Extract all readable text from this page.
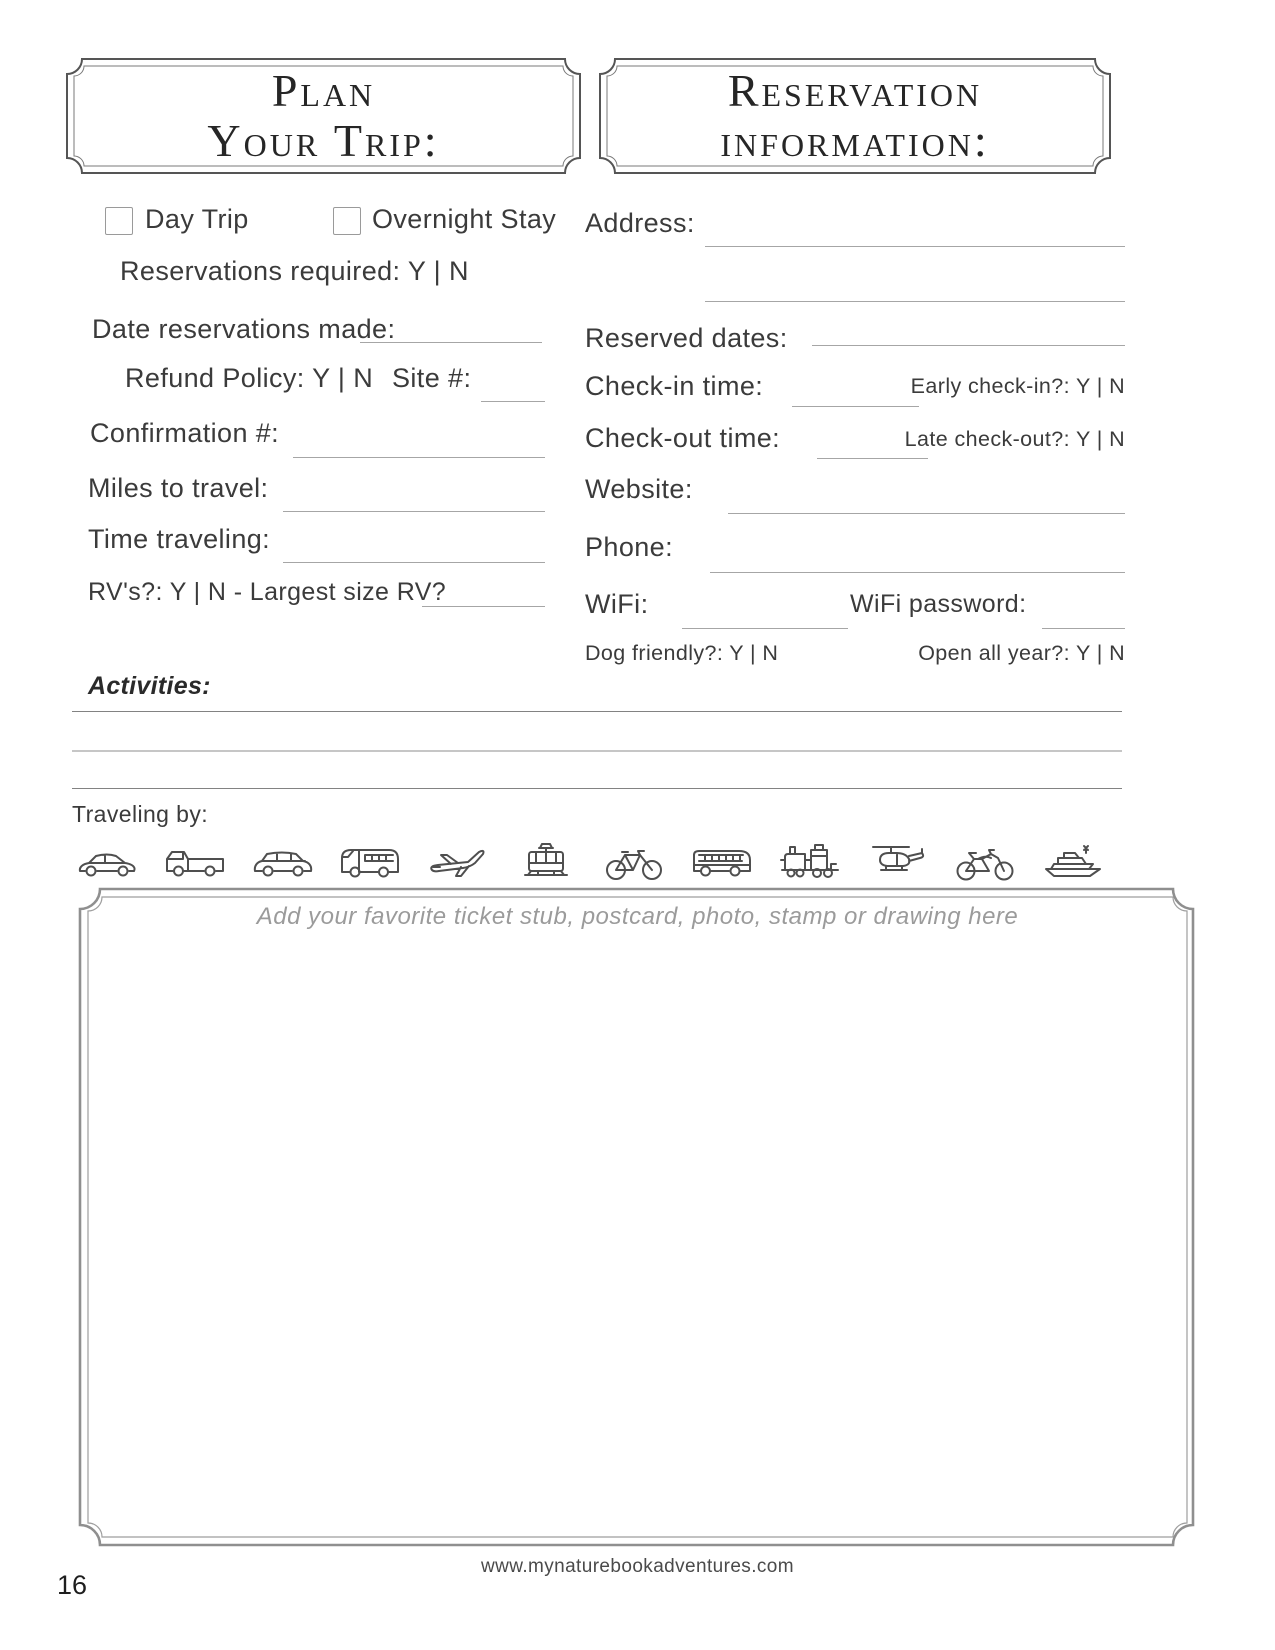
Plan
Your Trip:
Reservation
information:
Day Trip	Overnight Stay
Reservations required: Y | N
Date reservations made:
Refund Policy: Y | N Site #:
Confirmation #:
Miles to travel:
Time traveling:
RV's?: Y | N - Largest size RV?
Address:
Reserved dates:
Check-in time:	Early check-in?: Y | N
Check-out time:	Late check-out?: Y | N
Website:
Phone:
WiFi:	WiFi password:
Dog friendly?: Y | N	Open all year?: Y | N
Activities:
Traveling by:
Add your favorite ticket stub, postcard, photo, stamp or drawing here
www.mynaturebookadventures.com
16
